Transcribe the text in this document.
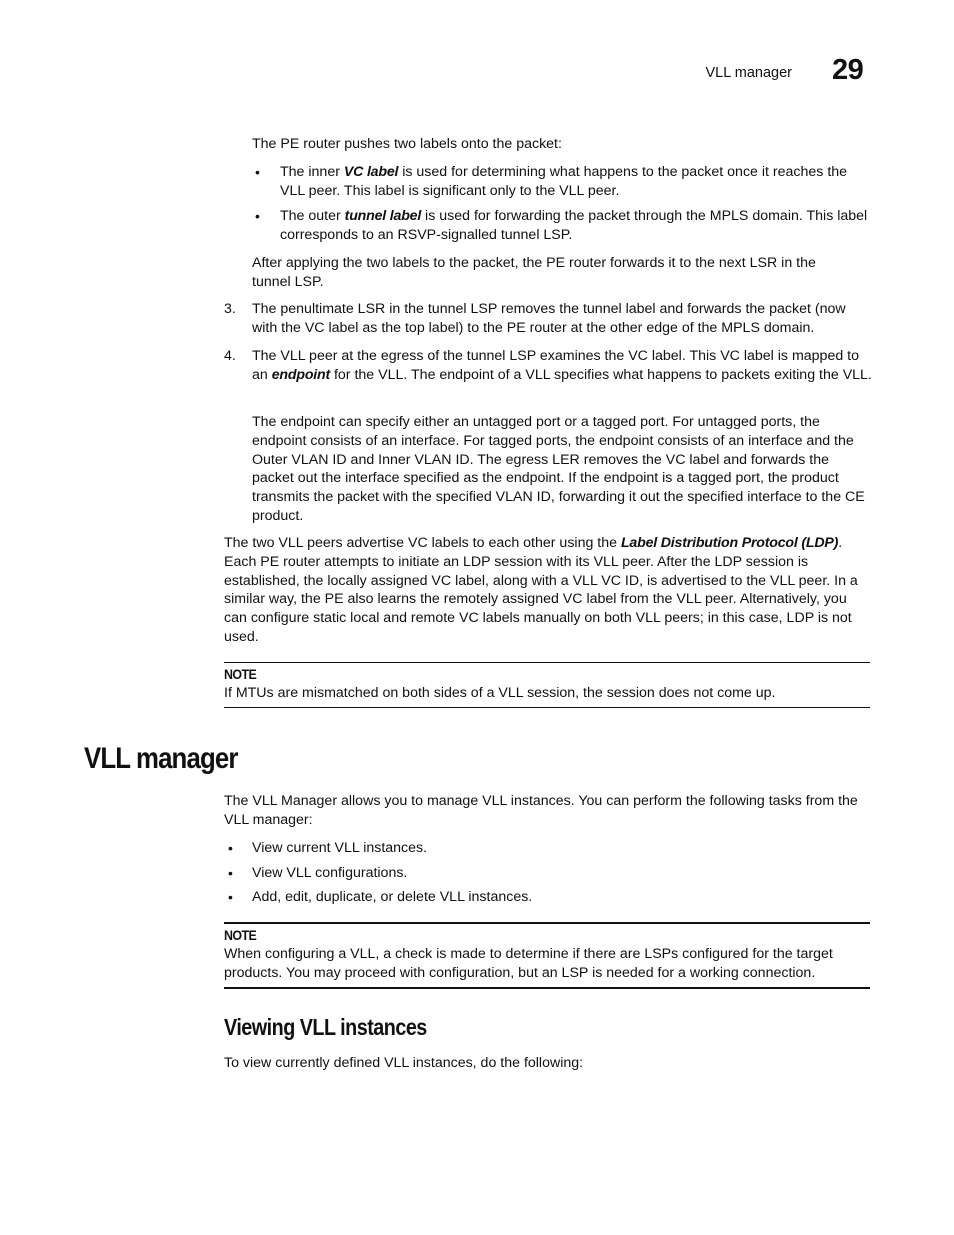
VLL manager 29

The PE router pushes two labels onto the packet:

• The inner VC label is used for determining what happens to the packet once it reaches the VLL peer. This label is significant only to the VLL peer.

• The outer tunnel label is used for forwarding the packet through the MPLS domain. This label corresponds to an RSVP-signalled tunnel LSP.

After applying the two labels to the packet, the PE router forwards it to the next LSR in the tunnel LSP.

3. The penultimate LSR in the tunnel LSP removes the tunnel label and forwards the packet (now with the VC label as the top label) to the PE router at the other edge of the MPLS domain.

4. The VLL peer at the egress of the tunnel LSP examines the VC label. This VC label is mapped to an endpoint for the VLL. The endpoint of a VLL specifies what happens to packets exiting the VLL.

The endpoint can specify either an untagged port or a tagged port. For untagged ports, the endpoint consists of an interface. For tagged ports, the endpoint consists of an interface and the Outer VLAN ID and Inner VLAN ID. The egress LER removes the VC label and forwards the packet out the interface specified as the endpoint. If the endpoint is a tagged port, the product transmits the packet with the specified VLAN ID, forwarding it out the specified interface to the CE product.

The two VLL peers advertise VC labels to each other using the Label Distribution Protocol (LDP). Each PE router attempts to initiate an LDP session with its VLL peer. After the LDP session is established, the locally assigned VC label, along with a VLL VC ID, is advertised to the VLL peer. In a similar way, the PE also learns the remotely assigned VC label from the VLL peer. Alternatively, you can configure static local and remote VC labels manually on both VLL peers; in this case, LDP is not used.

NOTE

If MTUs are mismatched on both sides of a VLL session, the session does not come up.

VLL manager

The VLL Manager allows you to manage VLL instances. You can perform the following tasks from the VLL manager:

• View current VLL instances.

• View VLL configurations.

• Add, edit, duplicate, or delete VLL instances.

NOTE

When configuring a VLL, a check is made to determine if there are LSPs configured for the target products. You may proceed with configuration, but an LSP is needed for a working connection.

Viewing VLL instances

To view currently defined VLL instances, do the following:
